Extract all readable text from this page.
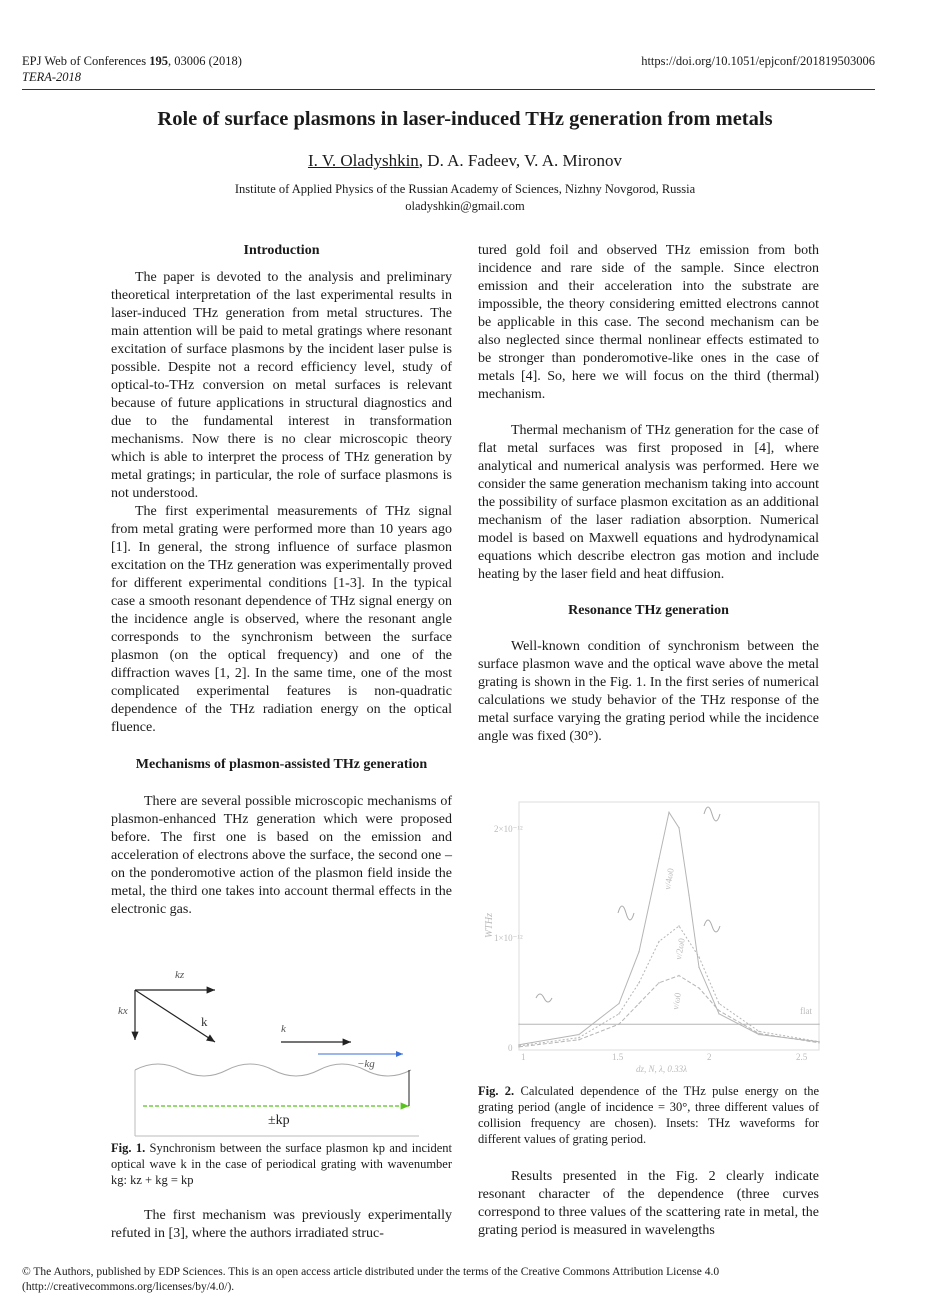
EPJ Web of Conferences 195, 03006 (2018)
TERA-2018
https://doi.org/10.1051/epjconf/201819503006
Role of surface plasmons in laser-induced THz generation from metals
I. V. Oladyshkin, D. A. Fadeev, V. A. Mironov
Institute of Applied Physics of the Russian Academy of Sciences, Nizhny Novgorod, Russia
oladyshkin@gmail.com

Introduction

The paper is devoted to the analysis and preliminary theoretical interpretation of the last experimental results in laser-induced THz generation from metal structures. The main attention will be paid to metal gratings where resonant excitation of surface plasmons by the incident laser pulse is possible. Despite not a record efficiency level, study of optical-to-THz conversion on metal surfaces is relevant because of future applications in structural diagnostics and due to the fundamental interest in transformation mechanisms. Now there is no clear microscopic theory which is able to interpret the process of THz generation by metal gratings; in particular, the role of surface plasmons is not understood.

The first experimental measurements of THz signal from metal grating were performed more than 10 years ago [1]. In general, the strong influence of surface plasmon excitation on the THz generation was experimentally proved for different experimental conditions [1-3]. In the typical case a smooth resonant dependence of THz signal energy on the incidence angle is observed, where the resonant angle corresponds to the synchronism between the surface plasmon (on the optical frequency) and one of the diffraction waves [1, 2]. In the same time, one of the most complicated experimental features is non-quadratic dependence of the THz radiation energy on the optical fluence.

Mechanisms of plasmon-assisted THz generation

There are several possible microscopic mechanisms of plasmon-enhanced THz generation which were proposed before. The first one is based on the emission and acceleration of electrons above the surface, the second one – on the ponderomotive action of the plasmon field inside the metal, the third one takes into account thermal effects in the electronic gas.

kz
kx
k	k
−kg
±kp
Fig. 1. Synchronism between the surface plasmon kp and incident optical wave k in the case of periodical grating with wavenumber kg: kz + kg = kp

The first mechanism was previously experimentally refuted in [3], where the authors irradiated struc-

tured gold foil and observed THz emission from both incidence and rare side of the sample. Since electron emission and their acceleration into the substrate are impossible, the theory considering emitted electrons cannot be applicable in this case. The second mechanism can be also neglected since thermal nonlinear effects estimated to be stronger than ponderomotive-like ones in the case of metals [4]. So, here we will focus on the third (thermal) mechanism.

Thermal mechanism of THz generation for the case of flat metal surfaces was first proposed in [4], where analytical and numerical analysis was performed. Here we consider the same generation mechanism taking into account the possibility of surface plasmon excitation as an additional mechanism of the laser radiation absorption. Numerical model is based on Maxwell equations and hydrodynamical equations which describe electron gas motion and include heating by the laser field and heat diffusion.

Resonance THz generation

Well-known condition of synchronism between the surface plasmon wave and the optical wave above the metal grating is shown in the Fig. 1. In the first series of numerical calculations we study behavior of the THz response of the metal surface varying the grating period while the incidence angle was fixed (30°).

WTHz
2×10⁻¹²
1×10⁻¹²
0
1	1.5	2	2.5
dz, N, λ, 0.33λ
ν/4ω0
ν/2ω0
ν/ω0
flat
Fig. 2. Calculated dependence of the THz pulse energy on the grating period (angle of incidence = 30°, three different values of collision frequency are chosen). Insets: THz waveforms for different values of grating period.

Results presented in the Fig. 2 clearly indicate resonant character of the dependence (three curves correspond to three values of the scattering rate in metal, the grating period is measured in wavelengths

© The Authors, published by EDP Sciences. This is an open access article distributed under the terms of the Creative Commons Attribution License 4.0
(http://creativecommons.org/licenses/by/4.0/).
